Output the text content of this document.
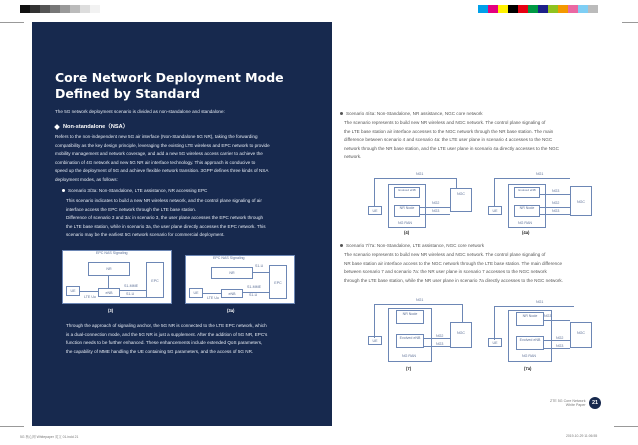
Core Network Deployment Mode
Defined by Standard
The 5G network deployment scenario is divided as non-standalone and standalone:
Non-standalone（NSA）
Refers to the non-independent new 5G air interface (Non-Standalone 5G NR), taking the forwarding
compatibility as the key design principle, leveraging the existing LTE wireless and EPC network to provide
mobility management and network coverage, and add a new 5G wireless access carrier to achieve the
combination of 4G network and new 5G NR air interface technology. This approach is conducive to
speed up the deployment of 5G and achieve flexible network transition. 3GPP defines three kinds of NSA
deployment modes, as follows:
Scenario 3/3a: Non-Standalone, LTE assistance, NR accessing EPC
This scenario indicates to build a new NR wireless network, and the control plane signaling of air
interface access the EPC network through the LTE base station.
Difference of scenario 3 and 3a: in scenario 3, the user plane accesses the EPC network through
the LTE base station, while in scenario 3a, the user plane directly accesses the EPC network. This
scenario may be the earliest 5G network scenario for commercial deployment.
EPC NAS Signaling
NR
EPC
UE
LTE Uu
eNB
S1-MME
S1-U
(3)
EPC NAS Signaling
NR
S1-U
EPC
UE
LTE Uu
eNB
S1-MME
S1-U
(3a)
Through the approach of signaling anchor, the 5G NR is connected to the LTE EPC network, which
is a dual-connection mode, and the 5G NR is just a supplement. After the addition of 5G NR, EPC's
function needs to be further enhanced. These enhancements include extended QoS parameters,
the capability of MME handling the UE containing 5G parameters, and the access of 5G NR.
Scenario 4/4a: Non-Standalone, NR assistance, NGC core network
The scenario represents to build new NR wireless and NGC network. The control plane signaling of
the LTE base station air interface accesses to the NGC network through the NR base station. The main
difference between scenario 4 and scenario 4a: the LTE user plane in scenario 4 accesses to the NGC
network through the NR base station, and the LTE user plane in scenario 4a directly accesses to the NGC
network.
NG1
Evolved eNB
NGC
UE
NR Node
NG2
NG3
NG RAN
(4)
NG1
Evolved eNB	NG3
NGC
UE
NR Node
NG2
NG3
NG RAN
(4a)
Scenario 7/7a: Non-Standalone, LTE assistance, NGC core network
The scenario represents to build new NR wireless and NGC network. The control plane signaling of
NR base station air interface access to the NGC network through the LTE base station. The main difference
between scenario 7 and scenario 7a: the NR user plane in scenario 7 accesses to the NGC network
through the LTE base station, while the NR user plane in scenario 7a directly accesses to the NGC network.
NG1
NR Node
NGC
UE
Evolved eNB	NG2
NG3
NG RAN
(7)
NG1
NR Node	NG3
NGC
UE
Evolved eNB	NG2
NG3
NG RAN
(7a)
ZTE 5G Core Network
White Paper	21
5G 核心网 Whitepaper 英文 01.indd 21	2019-10-29 11:06:55
